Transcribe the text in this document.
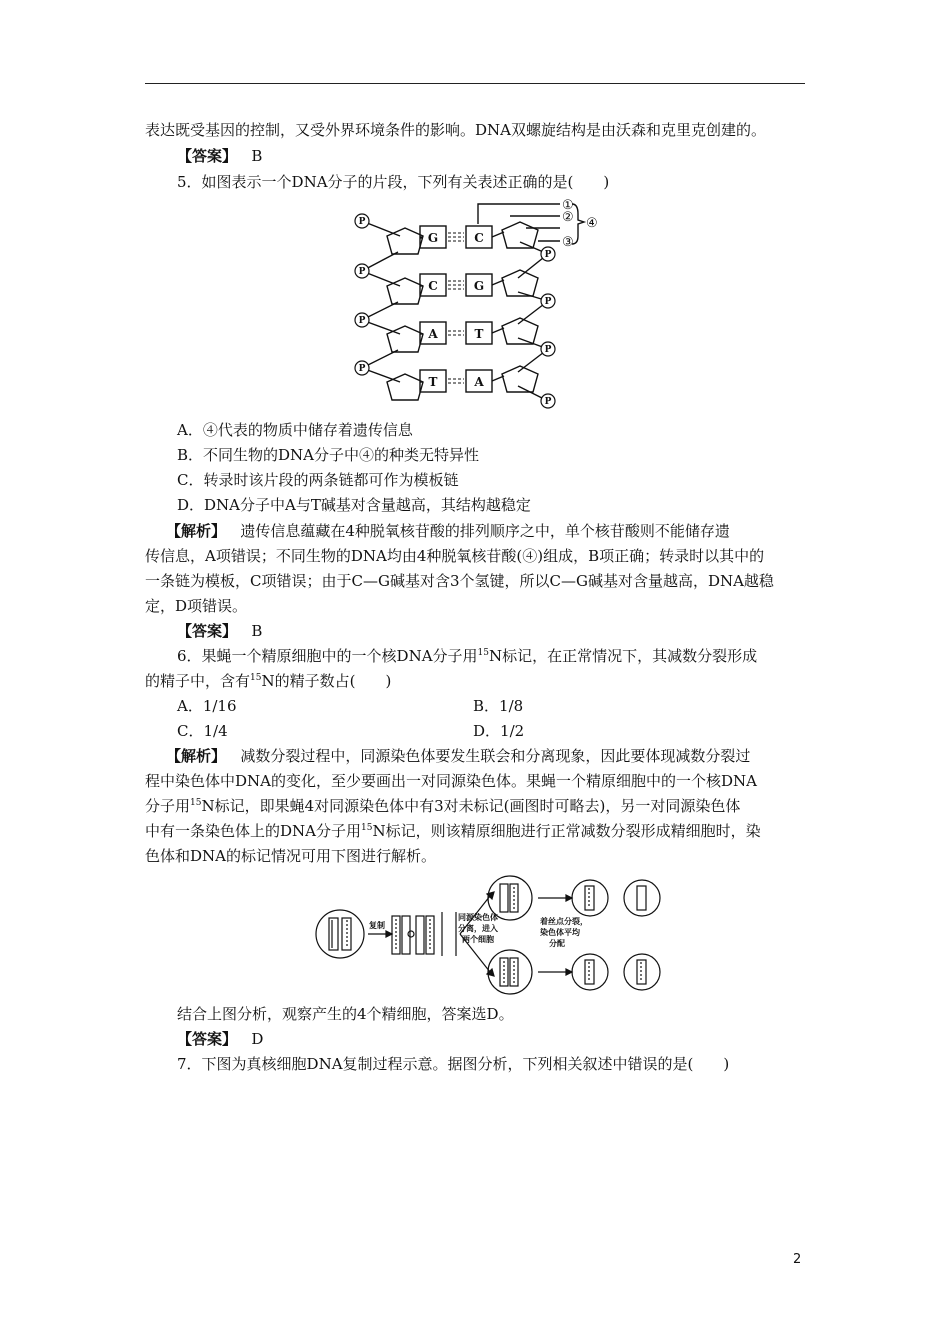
表达既受基因的控制，又受外界环境条件的影响。DNA双螺旋结构是由沃森和克里克创建的。
【答案】 B
5．如图表示一个DNA分子的片段，下列有关表述正确的是(　　)
P
P
P
P
P
P
P
P
G	C
C	G
A	T
T	A
①
②
③
④
A．④代表的物质中储存着遗传信息
B．不同生物的DNA分子中④的种类无特异性
C．转录时该片段的两条链都可作为模板链
D．DNA分子中A与T碱基对含量越高，其结构越稳定
【解析】 遗传信息蕴藏在4种脱氧核苷酸的排列顺序之中，单个核苷酸则不能储存遗
传信息，A项错误；不同生物的DNA均由4种脱氧核苷酸(④)组成，B项正确；转录时以其中的
一条链为模板，C项错误；由于C—G碱基对含3个氢键，所以C—G碱基对含量越高，DNA越稳
定，D项错误。
【答案】 B
6．果蝇一个精原细胞中的一个核DNA分子用$^{15}$N标记，在正常情况下，其减数分裂形成
的精子中，含有$^{15}$N的精子数占(　　)
A．1/16	B．1/8
C．1/4	D．1/2
【解析】 减数分裂过程中，同源染色体要发生联会和分离现象，因此要体现减数分裂过
程中染色体中DNA的变化，至少要画出一对同源染色体。果蝇一个精原细胞中的一个核DNA
分子用$^{15}$N标记，即果蝇4对同源染色体中有3对未标记(画图时可略去)，另一对同源染色体
中有一条染色体上的DNA分子用$^{15}$N标记，则该精原细胞进行正常减数分裂形成精细胞时，染
色体和DNA的标记情况可用下图进行解析。
复制
同源染色体
分离，进入
两个细胞
着丝点分裂，
染色体平均
分配
结合上图分析，观察产生的4个精细胞，答案选D。
【答案】 D
7．下图为真核细胞DNA复制过程示意。据图分析，下列相关叙述中错误的是(　　)
2
